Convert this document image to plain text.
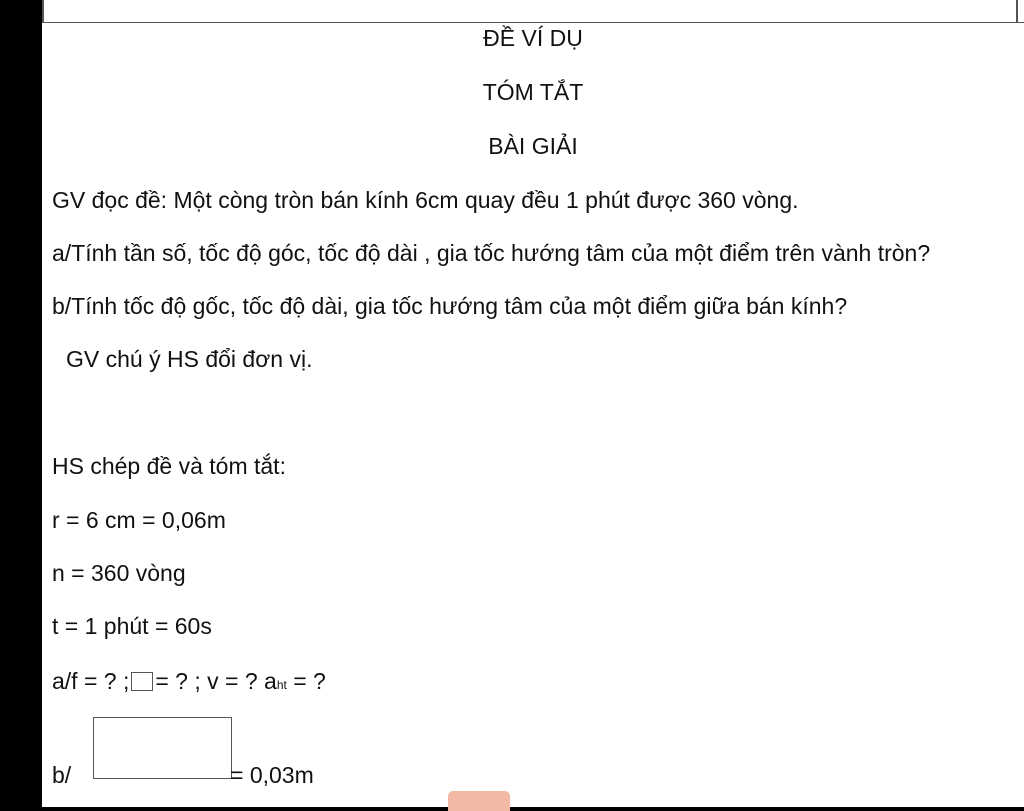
ĐỀ VÍ DỤ
TÓM TẮT
BÀI GIẢI
GV đọc đề: Một còng tròn bán kính 6cm quay đều 1 phút được 360 vòng.
a/Tính tần số, tốc độ góc, tốc độ dài , gia tốc hướng tâm của một điểm trên vành tròn?
b/Tính tốc độ gốc, tốc độ dài, gia tốc hướng tâm của một điểm giữa bán kính?
GV chú ý HS đổi đơn vị.
HS chép đề và tóm tắt:
r = 6 cm = 0,06m
n = 360 vòng
t = 1 phút = 60s
a/f = ? ; = ? ; v = ? aht = ?
b/	= 0,03m
